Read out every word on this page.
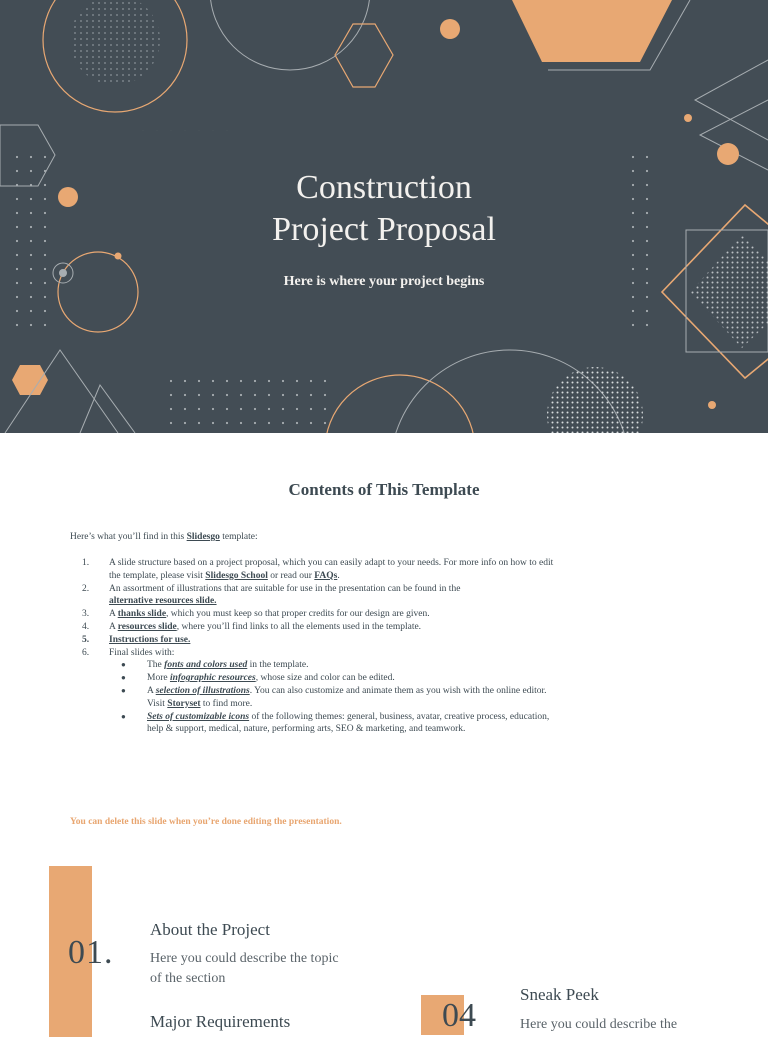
Construction
Project Proposal
Here is where your project begins
Contents of This Template
Here’s what you’ll find in this Slidesgo template:
1. A slide structure based on a project proposal, which you can easily adapt to your needs. For more info on how to edit
the template, please visit Slidesgo School or read our FAQs.
2. An assortment of illustrations that are suitable for use in the presentation can be found in the
alternative resources slide.
3. A thanks slide, which you must keep so that proper credits for our design are given.
4. A resources slide, where you’ll find links to all the elements used in the template.
5. Instructions for use.
6. Final slides with:
● The fonts and colors used in the template.
● More infographic resources, whose size and color can be edited.
● A selection of illustrations. You can also customize and animate them as you wish with the online editor.
Visit Storyset to find more.
● Sets of customizable icons of the following themes: general, business, avatar, creative process, education,
help & support, medical, nature, performing arts, SEO & marketing, and teamwork.
You can delete this slide when you’re done editing the presentation.
01.
About the Project
Here you could describe the topic of the section
Major Requirements	04
Sneak Peek
Here you could describe the
